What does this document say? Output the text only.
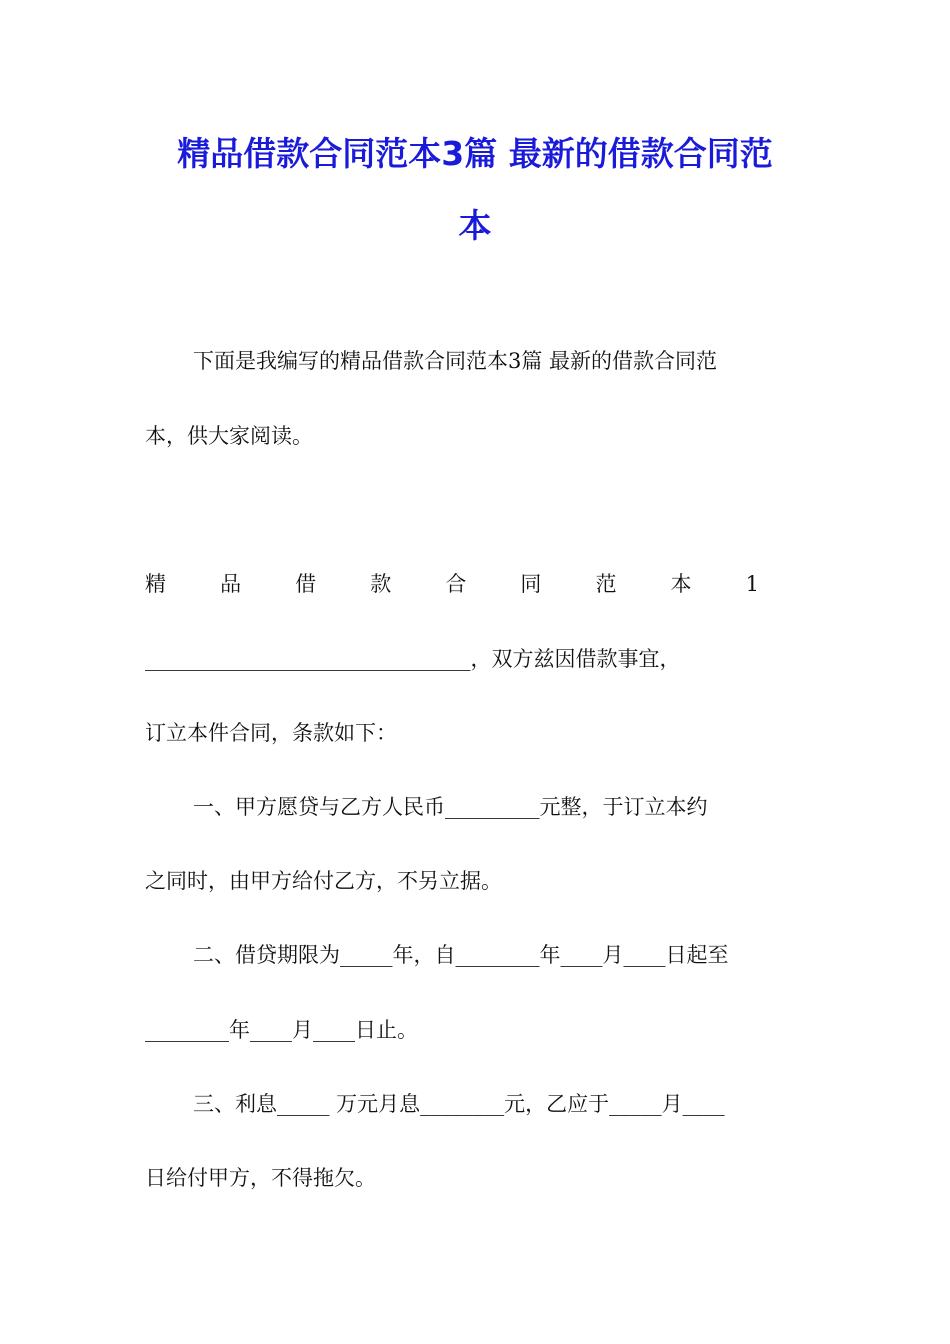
精品借款合同范本3篇 最新的借款合同范
本
下面是我编写的精品借款合同范本3篇 最新的借款合同范
本，供大家阅读。
精	品	借	款	合	同	范	本	1
_______________________________，双方兹因借款事宜，
订立本件合同，条款如下：
一、甲方愿贷与乙方人民币_________元整，于订立本约
之同时，由甲方给付乙方，不另立据。
二、借贷期限为_____年，自________年____月____日起至
________年____月____日止。
三、利息_____ 万元月息________元，乙应于_____月____
日给付甲方，不得拖欠。
